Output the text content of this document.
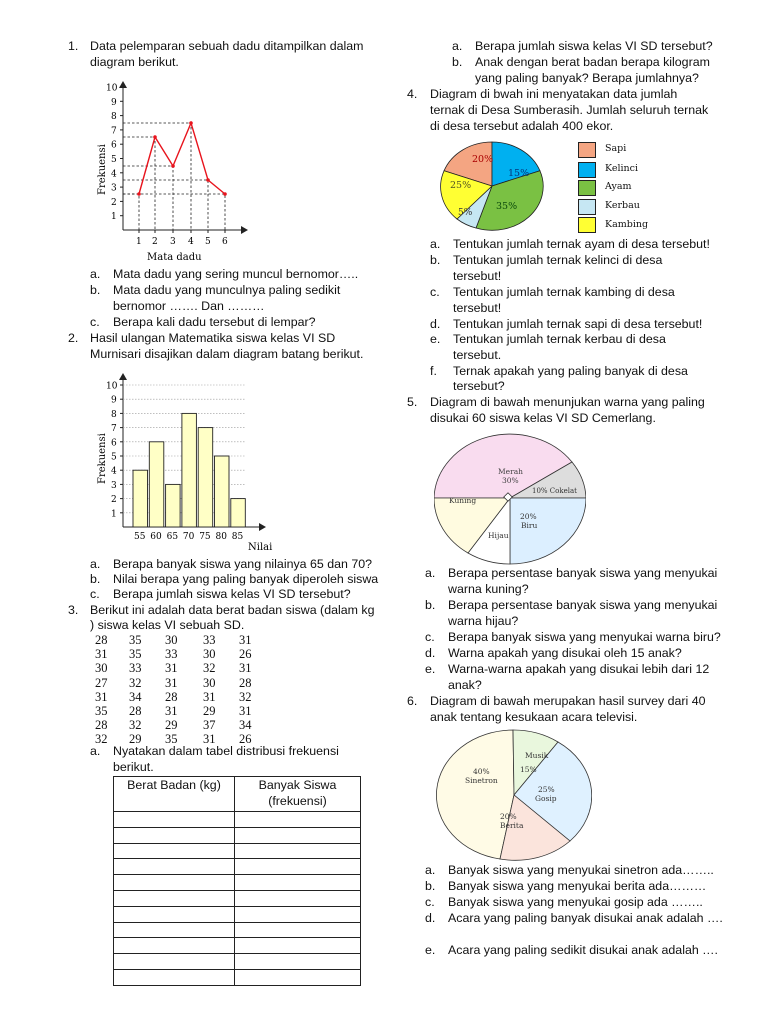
1. Data pelemparan sebuah dadu ditampilkan dalam
diagram berikut.
1
2
3
4
5
6
7
8
9
10
1 2 3 4 5 6
Frekuensi
Mata dadu
a. Mata dadu yang sering muncul bernomor…..
b. Mata dadu yang munculnya paling sedikit
bernomor ……. Dan ………
c. Berapa kali dadu tersebut di lempar?
2. Hasil ulangan Matematika siswa kelas VI SD
Murnisari disajikan dalam diagram batang berikut.
1
2
3
4
5
6
7
8
9
10
55 60 65 70 75 80 85
Frekuensi
Nilai
a. Berapa banyak siswa yang nilainya 65 dan 70?
b. Nilai berapa yang paling banyak diperoleh siswa
c. Berapa jumlah siswa kelas VI SD tersebut?
3. Berikut ini adalah data berat badan siswa (dalam kg
) siswa kelas VI sebuah SD.
28 35 30 33 31
31 35 33 30 26
30 33 31 32 31
27 32 31 30 28
31 34 28 31 32
35 28 31 29 31
28 32 29 37 34
32 29 35 31 26
a. Nyatakan dalam tabel distribusi frekuensi
berikut.
Berat Badan (kg)	Banyak Siswa
(frekuensi)

a. Berapa jumlah siswa kelas VI SD tersebut?
b. Anak dengan berat badan berapa kilogram
yang paling banyak? Berapa jumlahnya?
4. Diagram di bwah ini menyatakan data jumlah
ternak di Desa Sumberasih. Jumlah seluruh ternak
di desa tersebut adalah 400 ekor.
20%
15%
35%
5%
25%
Sapi
Kelinci
Ayam
Kerbau
Kambing
a. Tentukan jumlah ternak ayam di desa tersebut!
b. Tentukan jumlah ternak kelinci di desa
tersebut!
c. Tentukan jumlah ternak kambing di desa
tersebut!
d. Tentukan jumlah ternak sapi di desa tersebut!
e. Tentukan jumlah ternak kerbau di desa
tersebut.
f. Ternak apakah yang paling banyak di desa
tersebut?
5. Diagram di bawah menunjukan warna yang paling
disukai 60 siswa kelas VI SD Cemerlang.
Merah
30%
10% Cokelat
20%
Biru
Kuning
Hijau
a. Berapa persentase banyak siswa yang menyukai
warna kuning?
b. Berapa persentase banyak siswa yang menyukai
warna hijau?
c. Berapa banyak siswa yang menyukai warna biru?
d. Warna apakah yang disukai oleh 15 anak?
e. Warna-warna apakah yang disukai lebih dari 12
anak?
6. Diagram di bawah merupakan hasil survey dari 40
anak tentang kesukaan acara televisi.
40%
Sinetron
Musik
15%
25%
Gosip
20%
Berita
a. Banyak siswa yang menyukai sinetron ada……..
b. Banyak siswa yang menyukai berita ada………
c. Banyak siswa yang menyukai gosip ada ……..
d. Acara yang paling banyak disukai anak adalah ….
e. Acara yang paling sedikit disukai anak adalah ….
